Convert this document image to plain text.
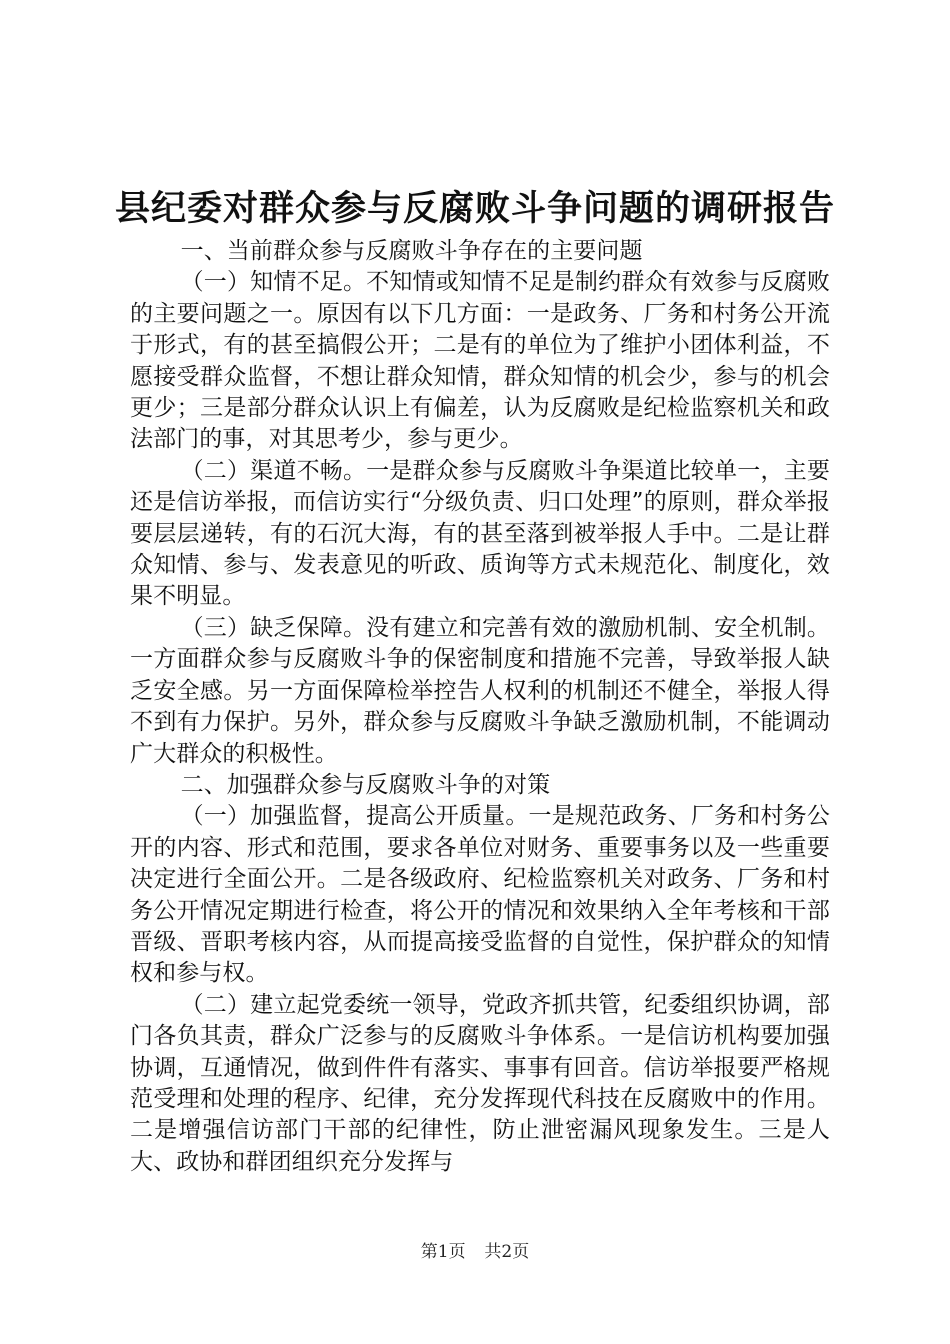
县纪委对群众参与反腐败斗争问题的调研报告

一、当前群众参与反腐败斗争存在的主要问题

（一）知情不足。不知情或知情不足是制约群众有效参与反腐败的主要问题之一。原因有以下几方面：一是政务、厂务和村务公开流于形式，有的甚至搞假公开；二是有的单位为了维护小团体利益，不愿接受群众监督，不想让群众知情，群众知情的机会少，参与的机会更少；三是部分群众认识上有偏差，认为反腐败是纪检监察机关和政法部门的事，对其思考少，参与更少。

（二）渠道不畅。一是群众参与反腐败斗争渠道比较单一，主要还是信访举报，而信访实行“分级负责、归口处理”的原则，群众举报要层层递转，有的石沉大海，有的甚至落到被举报人手中。二是让群众知情、参与、发表意见的听政、质询等方式未规范化、制度化，效果不明显。

（三）缺乏保障。没有建立和完善有效的激励机制、安全机制。一方面群众参与反腐败斗争的保密制度和措施不完善，导致举报人缺乏安全感。另一方面保障检举控告人权利的机制还不健全，举报人得不到有力保护。另外，群众参与反腐败斗争缺乏激励机制，不能调动广大群众的积极性。

二、加强群众参与反腐败斗争的对策

（一）加强监督，提高公开质量。一是规范政务、厂务和村务公开的内容、形式和范围，要求各单位对财务、重要事务以及一些重要决定进行全面公开。二是各级政府、纪检监察机关对政务、厂务和村务公开情况定期进行检查，将公开的情况和效果纳入全年考核和干部晋级、晋职考核内容，从而提高接受监督的自觉性，保护群众的知情权和参与权。

（二）建立起党委统一领导，党政齐抓共管，纪委组织协调，部门各负其责，群众广泛参与的反腐败斗争体系。一是信访机构要加强协调，互通情况，做到件件有落实、事事有回音。信访举报要严格规范受理和处理的程序、纪律，充分发挥现代科技在反腐败中的作用。二是增强信访部门干部的纪律性，防止泄密漏风现象发生。三是人大、政协和群团组织充分发挥与

第1页 共2页
